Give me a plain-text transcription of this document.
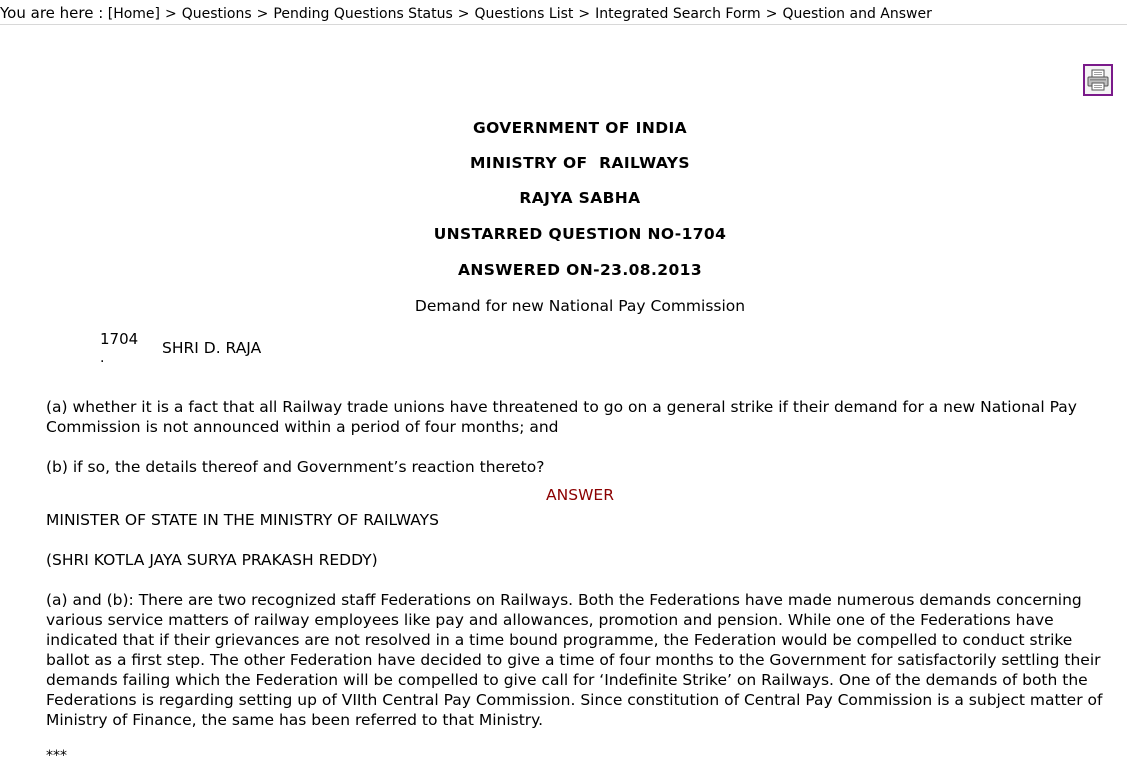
You are here : [Home] > Questions > Pending Questions Status > Questions List > Integrated Search Form > Question and Answer
GOVERNMENT OF INDIA
MINISTRY OF  RAILWAYS
RAJYA SABHA
UNSTARRED QUESTION NO-1704
ANSWERED ON-23.08.2013
Demand for new National Pay Commission
1704
.
SHRI D. RAJA
(a) whether it is a fact that all Railway trade unions have threatened to go on a general strike if their demand for a new National Pay Commission is not announced within a period of four months; and
(b) if so, the details thereof and Government’s reaction thereto?
ANSWER
MINISTER OF STATE IN THE MINISTRY OF RAILWAYS
(SHRI KOTLA JAYA SURYA PRAKASH REDDY)
(a) and (b): There are two recognized staff Federations on Railways. Both the Federations have made numerous demands concerning various service matters of railway employees like pay and allowances, promotion and pension. While one of the Federations have indicated that if their grievances are not resolved in a time bound programme, the Federation would be compelled to conduct strike ballot as a first step. The other Federation have decided to give a time of four months to the Government for satisfactorily settling their demands failing which the Federation will be compelled to give call for ‘Indefinite Strike’ on Railways. One of the demands of both the Federations is regarding setting up of VIIth Central Pay Commission. Since constitution of Central Pay Commission is a subject matter of Ministry of Finance, the same has been referred to that Ministry.
***
